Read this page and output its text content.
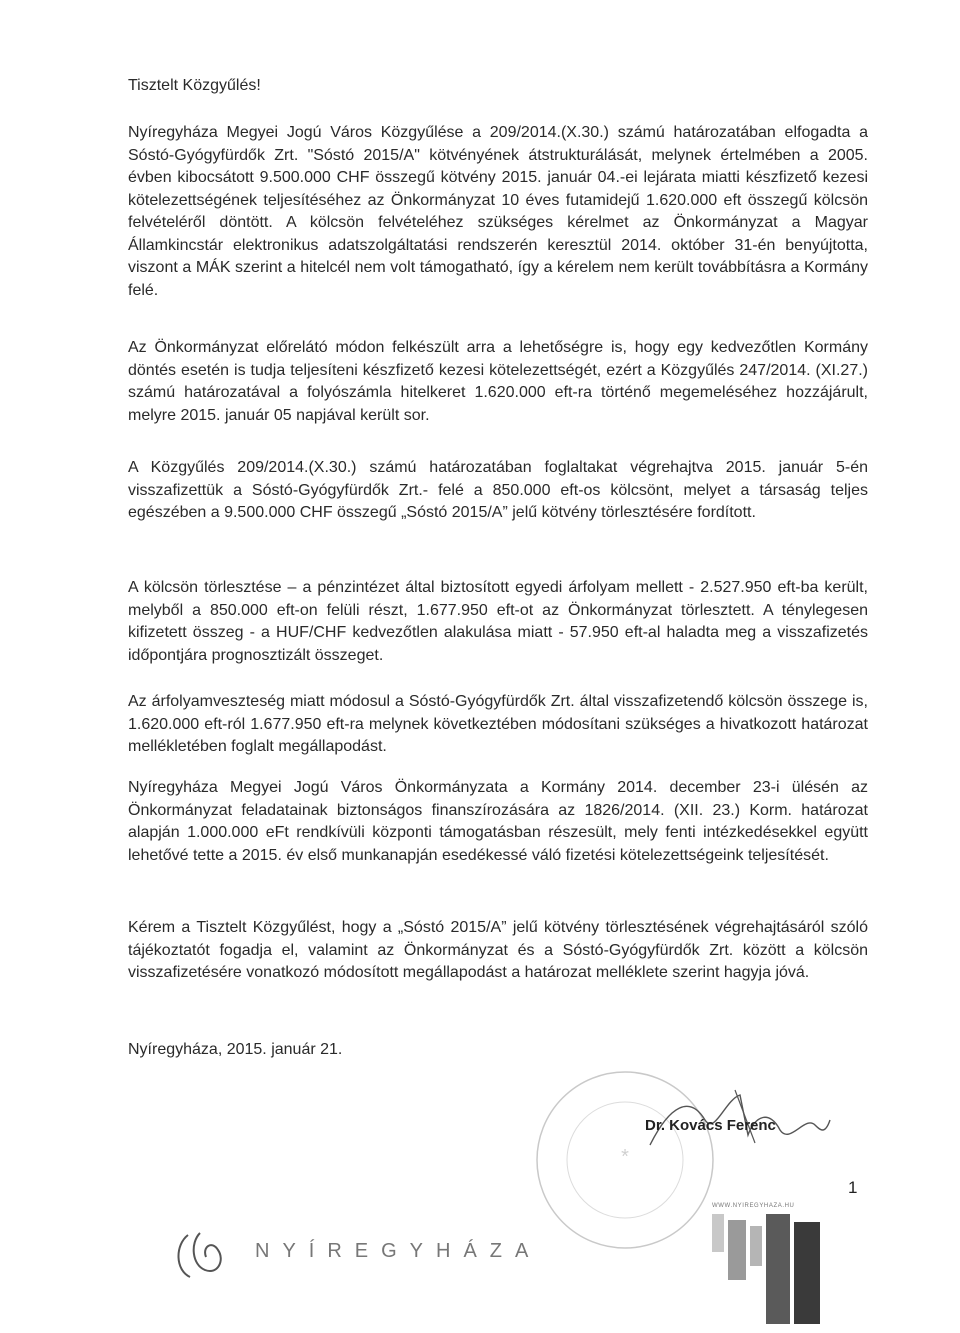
Tisztelt Közgyűlés!

Nyíregyháza Megyei Jogú Város Közgyűlése a 209/2014.(X.30.) számú határozatában elfogadta a Sóstó-Gyógyfürdők Zrt. "Sóstó 2015/A" kötvényének átstrukturálását, melynek értelmében a 2005. évben kibocsátott 9.500.000 CHF összegű kötvény 2015. január 04.-ei lejárata miatti készfizető kezesi kötelezettségének teljesítéséhez az Önkormányzat 10 éves futamidejű 1.620.000 eft összegű kölcsön felvételéről döntött. A kölcsön felvételéhez szükséges kérelmet az Önkormányzat a Magyar Államkincstár elektronikus adatszolgáltatási rendszerén keresztül 2014. október 31-én benyújtotta, viszont a MÁK szerint a hitelcél nem volt támogatható, így a kérelem nem került továbbításra a Kormány felé.

Az Önkormányzat előrelátó módon felkészült arra a lehetőségre is, hogy egy kedvezőtlen Kormány döntés esetén is tudja teljesíteni készfizető kezesi kötelezettségét, ezért a Közgyűlés 247/2014. (XI.27.) számú határozatával a folyószámla hitelkeret 1.620.000 eft-ra történő megemeléséhez hozzájárult, melyre 2015. január 05 napjával került sor.

A Közgyűlés 209/2014.(X.30.) számú határozatában foglaltakat végrehajtva 2015. január 5-én visszafizettük a Sóstó-Gyógyfürdők Zrt.- felé a 850.000 eft-os kölcsönt, melyet a társaság teljes egészében a 9.500.000 CHF összegű „Sóstó 2015/A” jelű kötvény törlesztésére fordított.

A kölcsön törlesztése – a pénzintézet által biztosított egyedi árfolyam mellett - 2.527.950 eft-ba került, melyből a 850.000 eft-on felüli részt, 1.677.950 eft-ot az Önkormányzat törlesztett. A ténylegesen kifizetett összeg - a HUF/CHF kedvezőtlen alakulása miatt - 57.950 eft-al haladta meg a visszafizetés időpontjára prognosztizált összeget.

Az árfolyamveszteség miatt módosul a Sóstó-Gyógyfürdők Zrt. által visszafizetendő kölcsön összege is, 1.620.000 eft-ról 1.677.950 eft-ra melynek következtében módosítani szükséges a hivatkozott határozat mellékletében foglalt megállapodást.

Nyíregyháza Megyei Jogú Város Önkormányzata a Kormány 2014. december 23-i ülésén az Önkormányzat feladatainak biztonságos finanszírozására az 1826/2014. (XII. 23.) Korm. határozat alapján 1.000.000 eFt rendkívüli központi támogatásban részesült, mely fenti intézkedésekkel együtt lehetővé tette a 2015. év első munkanapján esedékessé váló fizetési kötelezettségeink teljesítését.

Kérem a Tisztelt Közgyűlést, hogy a „Sóstó 2015/A” jelű kötvény törlesztésének végrehajtásáról szóló tájékoztatót fogadja el, valamint az Önkormányzat és a Sóstó-Gyógyfürdők Zrt. között a kölcsön visszafizetésére vonatkozó módosított megállapodást a határozat melléklete szerint hagyja jóvá.

Nyíregyháza, 2015. január 21.

*
Dr. Kovács Ferenc
1
NYÍREGYHÁZA
WWW.NYIREGYHAZA.HU
